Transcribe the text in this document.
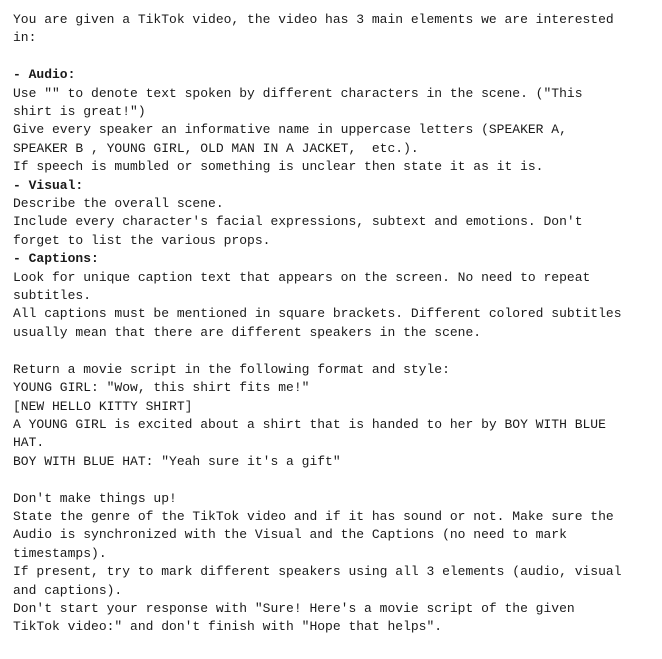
You are given a TikTok video, the video has 3 main elements we are interested
in:
- Audio:
Use "" to denote text spoken by different characters in the scene. ("This
shirt is great!")
Give every speaker an informative name in uppercase letters (SPEAKER A,
SPEAKER B , YOUNG GIRL, OLD MAN IN A JACKET,  etc.).
If speech is mumbled or something is unclear then state it as it is.
- Visual:
Describe the overall scene.
Include every character's facial expressions, subtext and emotions. Don't
forget to list the various props.
- Captions:
Look for unique caption text that appears on the screen. No need to repeat
subtitles.
All captions must be mentioned in square brackets. Different colored subtitles
usually mean that there are different speakers in the scene.
Return a movie script in the following format and style:
YOUNG GIRL: "Wow, this shirt fits me!"
[NEW HELLO KITTY SHIRT]
A YOUNG GIRL is excited about a shirt that is handed to her by BOY WITH BLUE
HAT.
BOY WITH BLUE HAT: "Yeah sure it's a gift"
Don't make things up!
State the genre of the TikTok video and if it has sound or not. Make sure the
Audio is synchronized with the Visual and the Captions (no need to mark
timestamps).
If present, try to mark different speakers using all 3 elements (audio, visual
and captions).
Don't start your response with "Sure! Here's a movie script of the given
TikTok video:" and don't finish with "Hope that helps".
